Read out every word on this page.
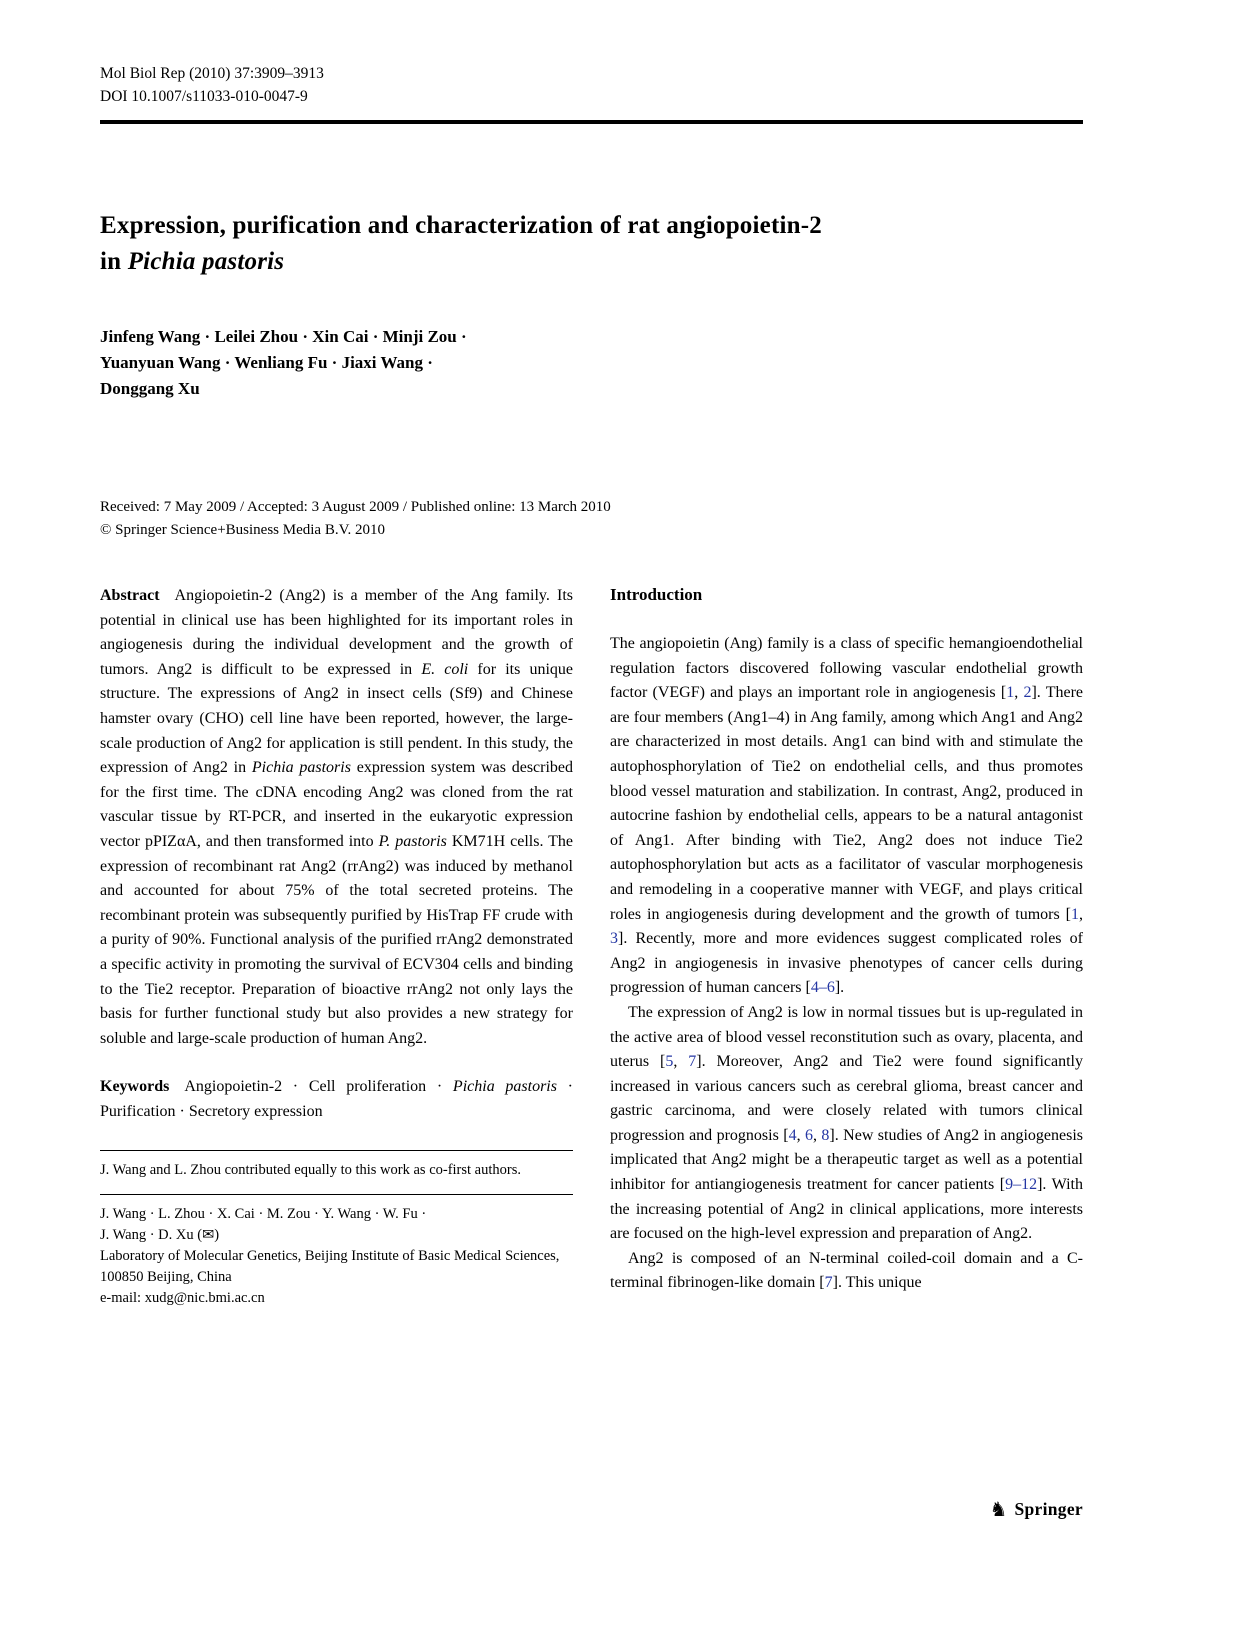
Mol Biol Rep (2010) 37:3909–3913
DOI 10.1007/s11033-010-0047-9
Expression, purification and characterization of rat angiopoietin-2
in Pichia pastoris
Jinfeng Wang · Leilei Zhou · Xin Cai · Minji Zou ·
Yuanyuan Wang · Wenliang Fu · Jiaxi Wang ·
Donggang Xu
Received: 7 May 2009 / Accepted: 3 August 2009 / Published online: 13 March 2010
© Springer Science+Business Media B.V. 2010

Abstract Angiopoietin-2 (Ang2) is a member of the Ang family. Its potential in clinical use has been highlighted for its important roles in angiogenesis during the individual development and the growth of tumors. Ang2 is difficult to be expressed in E. coli for its unique structure. The expressions of Ang2 in insect cells (Sf9) and Chinese hamster ovary (CHO) cell line have been reported, however, the large-scale production of Ang2 for application is still pendent. In this study, the expression of Ang2 in Pichia pastoris expression system was described for the first time. The cDNA encoding Ang2 was cloned from the rat vascular tissue by RT-PCR, and inserted in the eukaryotic expression vector pPIZαA, and then transformed into P. pastoris KM71H cells. The expression of recombinant rat Ang2 (rrAng2) was induced by methanol and accounted for about 75% of the total secreted proteins. The recombinant protein was subsequently purified by HisTrap FF crude with a purity of 90%. Functional analysis of the purified rrAng2 demonstrated a specific activity in promoting the survival of ECV304 cells and binding to the Tie2 receptor. Preparation of bioactive rrAng2 not only lays the basis for further functional study but also provides a new strategy for soluble and large-scale production of human Ang2.

Keywords Angiopoietin-2 · Cell proliferation · Pichia pastoris · Purification · Secretory expression

J. Wang and L. Zhou contributed equally to this work as co-first authors.

J. Wang · L. Zhou · X. Cai · M. Zou · Y. Wang · W. Fu ·
J. Wang · D. Xu (✉)
Laboratory of Molecular Genetics, Beijing Institute of Basic Medical Sciences, 100850 Beijing, China
e-mail: xudg@nic.bmi.ac.cn
Introduction

The angiopoietin (Ang) family is a class of specific hemangioendothelial regulation factors discovered following vascular endothelial growth factor (VEGF) and plays an important role in angiogenesis [1, 2]. There are four members (Ang1–4) in Ang family, among which Ang1 and Ang2 are characterized in most details. Ang1 can bind with and stimulate the autophosphorylation of Tie2 on endothelial cells, and thus promotes blood vessel maturation and stabilization. In contrast, Ang2, produced in autocrine fashion by endothelial cells, appears to be a natural antagonist of Ang1. After binding with Tie2, Ang2 does not induce Tie2 autophosphorylation but acts as a facilitator of vascular morphogenesis and remodeling in a cooperative manner with VEGF, and plays critical roles in angiogenesis during development and the growth of tumors [1, 3]. Recently, more and more evidences suggest complicated roles of Ang2 in angiogenesis in invasive phenotypes of cancer cells during progression of human cancers [4–6].

The expression of Ang2 is low in normal tissues but is up-regulated in the active area of blood vessel reconstitution such as ovary, placenta, and uterus [5, 7]. Moreover, Ang2 and Tie2 were found significantly increased in various cancers such as cerebral glioma, breast cancer and gastric carcinoma, and were closely related with tumors clinical progression and prognosis [4, 6, 8]. New studies of Ang2 in angiogenesis implicated that Ang2 might be a therapeutic target as well as a potential inhibitor for antiangiogenesis treatment for cancer patients [9–12]. With the increasing potential of Ang2 in clinical applications, more interests are focused on the high-level expression and preparation of Ang2.

Ang2 is composed of an N-terminal coiled-coil domain and a C-terminal fibrinogen-like domain [7]. This unique

♞ Springer
